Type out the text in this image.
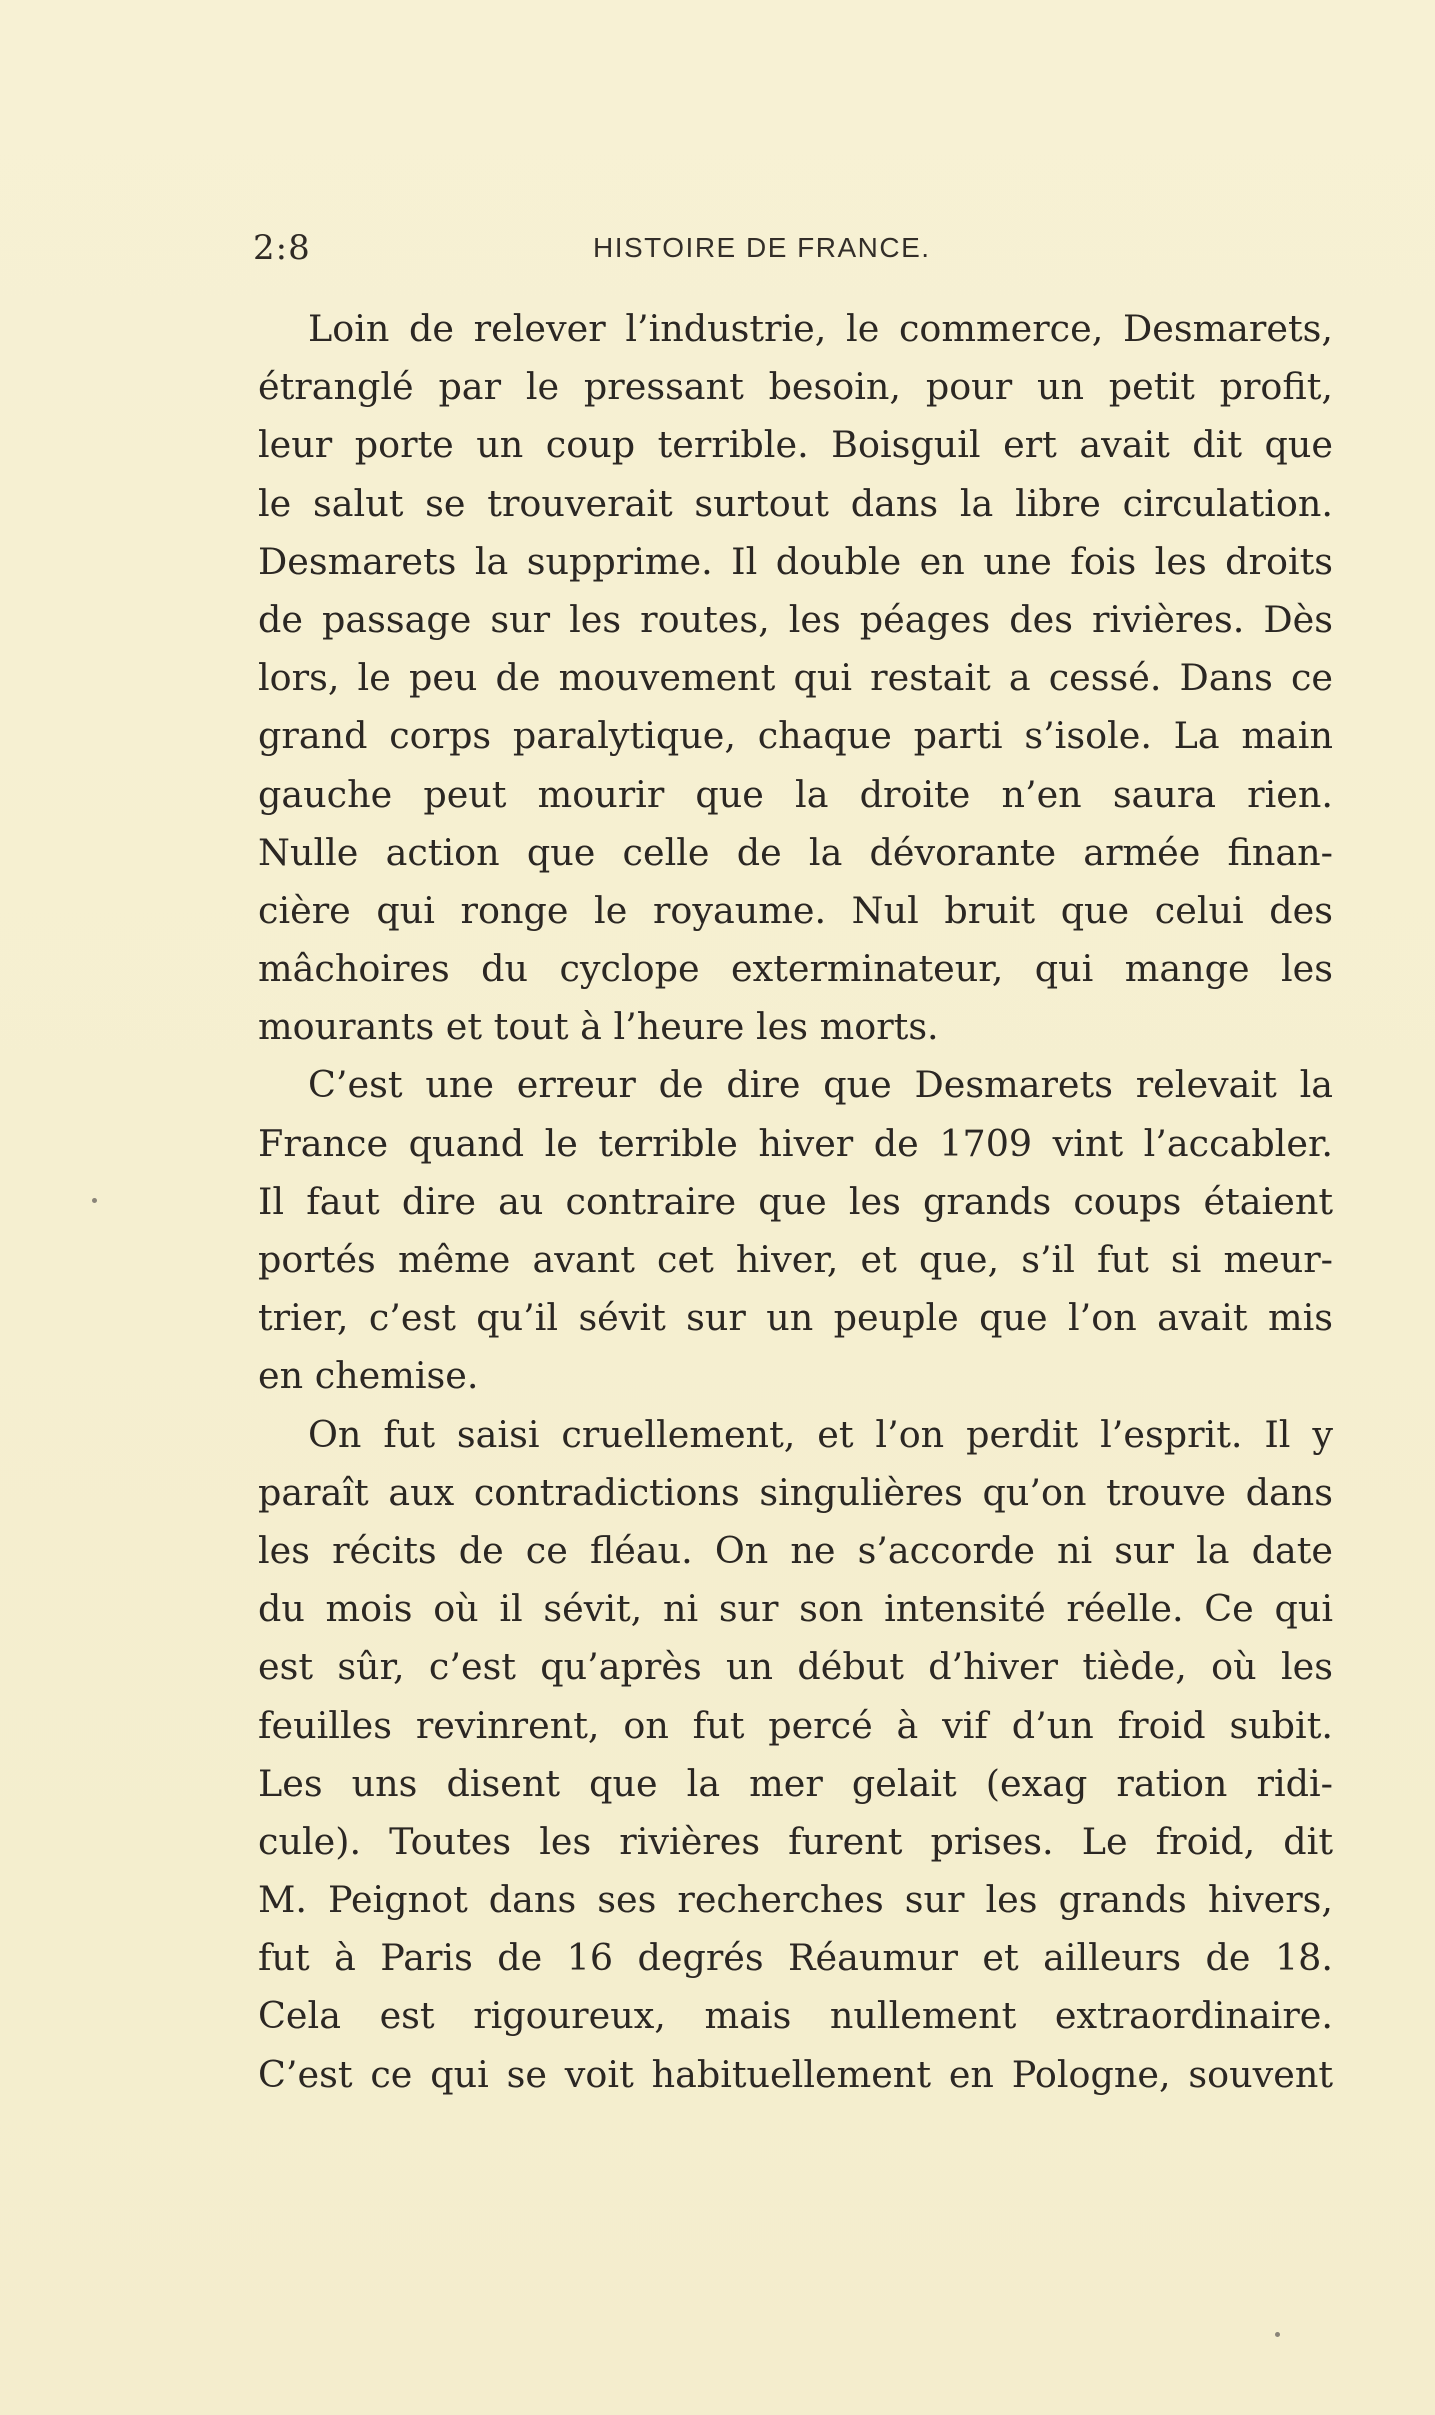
2:8	HISTOIRE DE FRANCE.
Loin de relever l’industrie, le commerce, Desmarets,
étranglé par le pressant besoin, pour un petit profit,
leur porte un coup terrible. Boisguil ert avait dit que
le salut se trouverait surtout dans la libre circulation.
Desmarets la supprime. Il double en une fois les droits
de passage sur les routes, les péages des rivières. Dès
lors, le peu de mouvement qui restait a cessé. Dans ce
grand corps paralytique, chaque parti s’isole. La main
gauche peut mourir que la droite n’en saura rien.
Nulle action que celle de la dévorante armée finan-
cière qui ronge le royaume. Nul bruit que celui des
mâchoires du cyclope exterminateur, qui mange les
mourants et tout à l’heure les morts.
C’est une erreur de dire que Desmarets relevait la
France quand le terrible hiver de 1709 vint l’accabler.
Il faut dire au contraire que les grands coups étaient
portés même avant cet hiver, et que, s’il fut si meur-
trier, c’est qu’il sévit sur un peuple que l’on avait mis
en chemise.
On fut saisi cruellement, et l’on perdit l’esprit. Il y
paraît aux contradictions singulières qu’on trouve dans
les récits de ce fléau. On ne s’accorde ni sur la date
du mois où il sévit, ni sur son intensité réelle. Ce qui
est sûr, c’est qu’après un début d’hiver tiède, où les
feuilles revinrent, on fut percé à vif d’un froid subit.
Les uns disent que la mer gelait (exag ration ridi-
cule). Toutes les rivières furent prises. Le froid, dit
M. Peignot dans ses recherches sur les grands hivers,
fut à Paris de 16 degrés Réaumur et ailleurs de 18.
Cela est rigoureux, mais nullement extraordinaire.
C’est ce qui se voit habituellement en Pologne, souvent
